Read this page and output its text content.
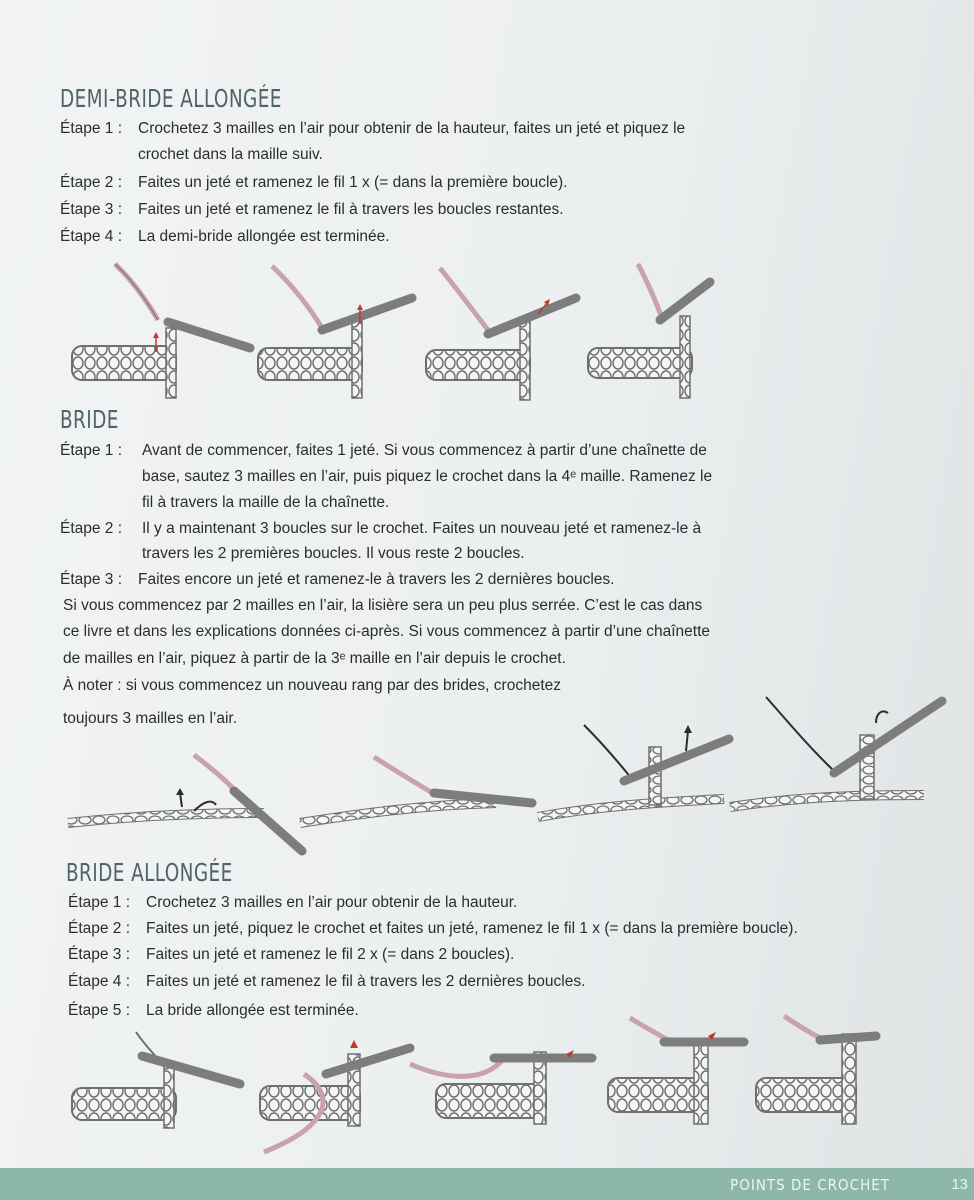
DEMI-BRIDE ALLONGÉE
Étape 1 : Crochetez 3 mailles en l’air pour obtenir de la hauteur, faites un jeté et piquez le
crochet dans la maille suiv.
Étape 2 : Faites un jeté et ramenez le fil 1 x (= dans la première boucle).
Étape 3 : Faites un jeté et ramenez le fil à travers les boucles restantes.
Étape 4 : La demi-bride allongée est terminée.
BRIDE
Étape 1 : Avant de commencer, faites 1 jeté. Si vous commencez à partir d’une chaînette de
base, sautez 3 mailles en l’air, puis piquez le crochet dans la 4ᵉ maille. Ramenez le
fil à travers la maille de la chaînette.
Étape 2 : Il y a maintenant 3 boucles sur le crochet. Faites un nouveau jeté et ramenez-le à
travers les 2 premières boucles. Il vous reste 2 boucles.
Étape 3 : Faites encore un jeté et ramenez-le à travers les 2 dernières boucles.
Si vous commencez par 2 mailles en l’air, la lisière sera un peu plus serrée. C’est le cas dans
ce livre et dans les explications données ci-après. Si vous commencez à partir d’une chaînette
de mailles en l’air, piquez à partir de la 3ᵉ maille en l’air depuis le crochet.
À noter : si vous commencez un nouveau rang par des brides, crochetez
toujours 3 mailles en l’air.
BRIDE ALLONGÉE
Étape 1 : Crochetez 3 mailles en l’air pour obtenir de la hauteur.
Étape 2 : Faites un jeté, piquez le crochet et faites un jeté, ramenez le fil 1 x (= dans la première boucle).
Étape 3 : Faites un jeté et ramenez le fil 2 x (= dans 2 boucles).
Étape 4 : Faites un jeté et ramenez le fil à travers les 2 dernières boucles.
Étape 5 : La bride allongée est terminée.
POINTS DE CROCHET	13
